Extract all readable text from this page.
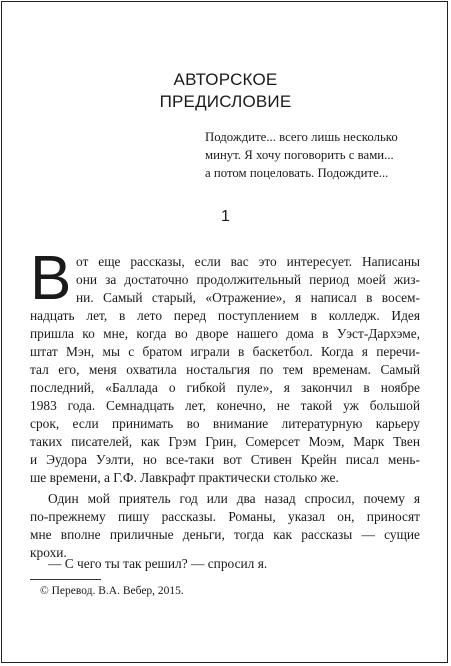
АВТОРСКОЕ
ПРЕДИСЛОВИЕ
Подождите... всего лишь несколько
минут. Я хочу поговорить с вами...
а потом поцеловать. Подождите...
1
В от еще рассказы, если вас это интересует. Написаны
они за достаточно продолжительный период моей жиз-
ни. Самый старый, «Отражение», я написал в восем-
надцать лет, в лето перед поступлением в колледж. Идея
пришла ко мне, когда во дворе нашего дома в Уэст-Дархэме,
штат Мэн, мы с братом играли в баскетбол. Когда я перечи-
тал его, меня охватила ностальгия по тем временам. Самый
последний, «Баллада о гибкой пуле», я закончил в ноябре
1983 года. Семнадцать лет, конечно, не такой уж большой
срок, если принимать во внимание литературную карьеру
таких писателей, как Грэм Грин, Сомерсет Моэм, Марк Твен
и Эудора Уэлти, но все-таки вот Стивен Крейн писал мень-
ше времени, а Г.Ф. Лавкрафт практически столько же.
Один мой приятель год или два назад спросил, почему я
по-прежнему пишу рассказы. Романы, указал он, приносят
мне вполне приличные деньги, тогда как рассказы — сущие
крохи.
— С чего ты так решил? — спросил я.
© Перевод. В.А. Вебер, 2015.
